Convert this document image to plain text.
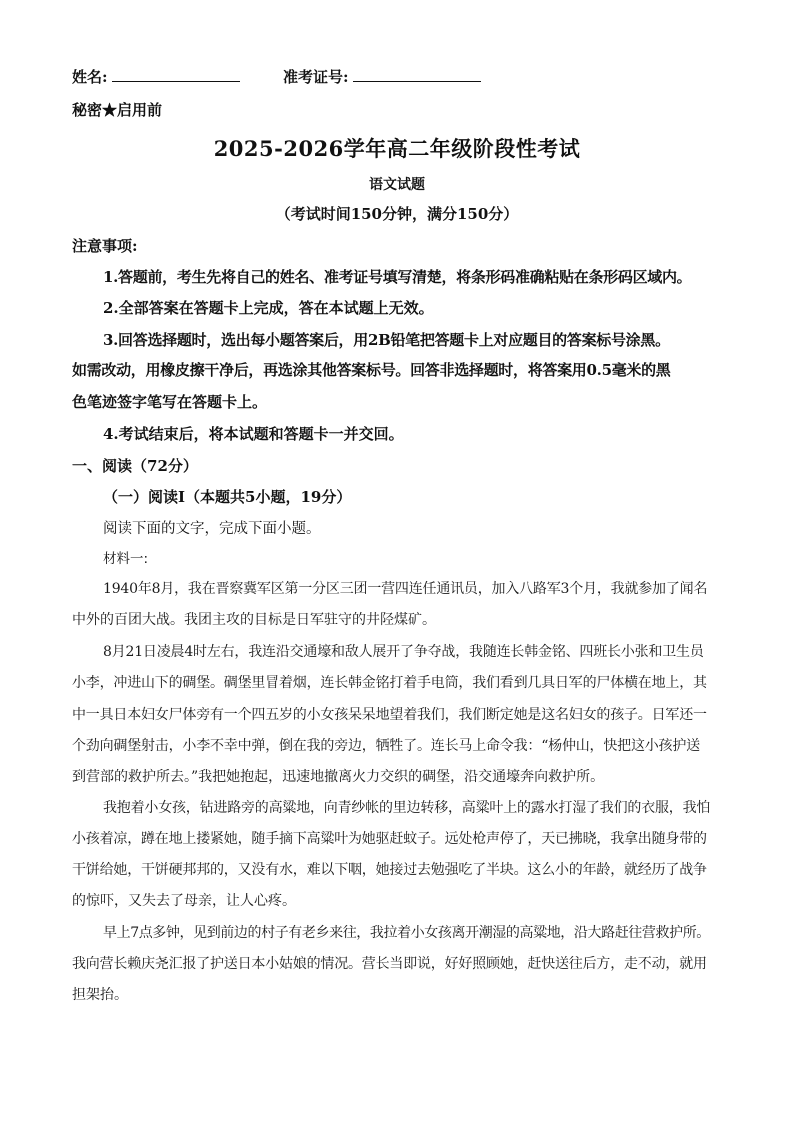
姓名:	准考证号:
秘密★启用前
2025-2026学年高二年级阶段性考试
语文试题
（考试时间150分钟，满分150分）
注意事项:
1.答题前，考生先将自己的姓名、准考证号填写清楚，将条形码准确粘贴在条形码区域内。
2.全部答案在答题卡上完成，答在本试题上无效。
3.回答选择题时，选出每小题答案后，用2B铅笔把答题卡上对应题目的答案标号涂黑。
如需改动，用橡皮擦干净后，再选涂其他答案标号。回答非选择题时，将答案用0.5毫米的黑
色笔迹签字笔写在答题卡上。
4.考试结束后，将本试题和答题卡一并交回。
一、阅读（72分）
（一）阅读Ⅰ（本题共5小题，19分）
阅读下面的文字，完成下面小题。
材料一:
1940年8月，我在晋察冀军区第一分区三团一营四连任通讯员，加入八路军3个月，我就参加了闻名
中外的百团大战。我团主攻的目标是日军驻守的井陉煤矿。
8月21日凌晨4时左右，我连沿交通壕和敌人展开了争夺战，我随连长韩金铭、四班长小张和卫生员
小李，冲进山下的碉堡。碉堡里冒着烟，连长韩金铭打着手电筒，我们看到几具日军的尸体横在地上，其
中一具日本妇女尸体旁有一个四五岁的小女孩呆呆地望着我们，我们断定她是这名妇女的孩子。日军还一
个劲向碉堡射击，小李不幸中弹，倒在我的旁边，牺牲了。连长马上命令我：“杨仲山，快把这小孩护送
到营部的救护所去。”我把她抱起，迅速地撤离火力交织的碉堡，沿交通壕奔向救护所。
我抱着小女孩，钻进路旁的高粱地，向青纱帐的里边转移，高粱叶上的露水打湿了我们的衣服，我怕
小孩着凉，蹲在地上搂紧她，随手摘下高粱叶为她驱赶蚊子。远处枪声停了，天已拂晓，我拿出随身带的
干饼给她，干饼硬邦邦的，又没有水，难以下咽，她接过去勉强吃了半块。这么小的年龄，就经历了战争
的惊吓，又失去了母亲，让人心疼。
早上7点多钟，见到前边的村子有老乡来往，我拉着小女孩离开潮湿的高粱地，沿大路赶往营救护所。
我向营长赖庆尧汇报了护送日本小姑娘的情况。营长当即说，好好照顾她，赶快送往后方，走不动，就用
担架抬。
